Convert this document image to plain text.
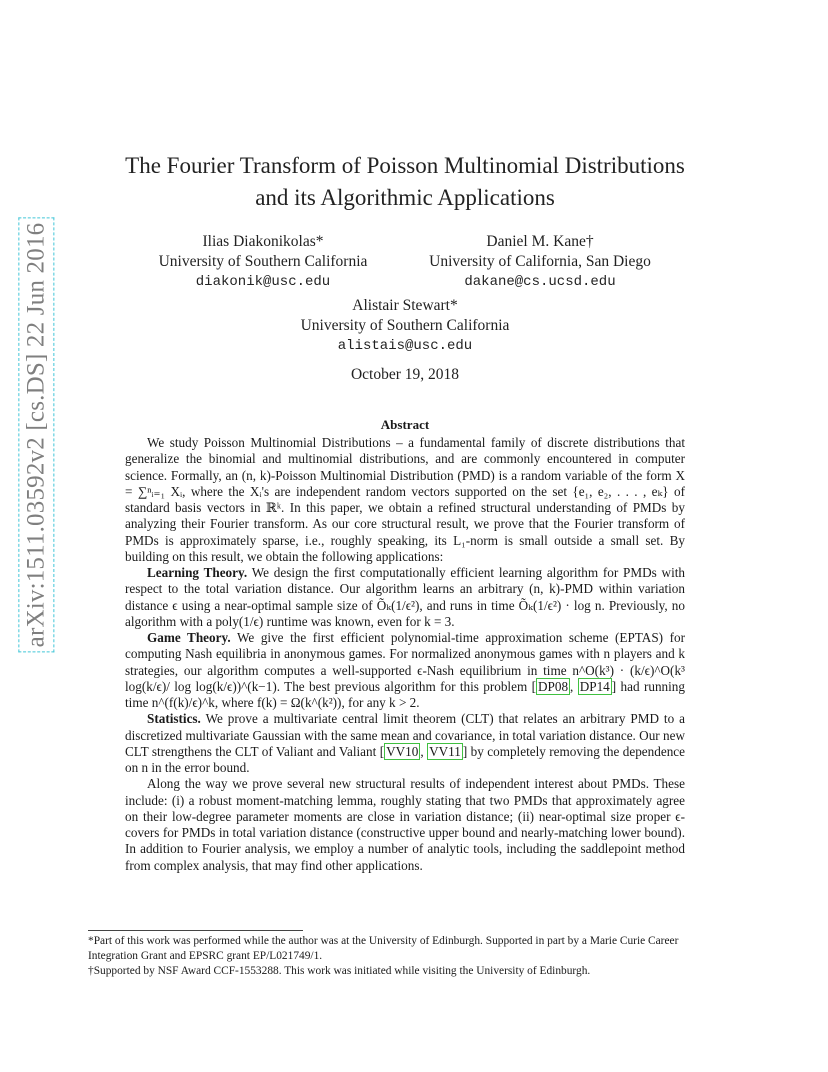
arXiv:1511.03592v2 [cs.DS] 22 Jun 2016
The Fourier Transform of Poisson Multinomial Distributions
and its Algorithmic Applications
Ilias Diakonikolas*
University of Southern California
diakonik@usc.edu
Daniel M. Kane†
University of California, San Diego
dakane@cs.ucsd.edu
Alistair Stewart*
University of Southern California
alistais@usc.edu
October 19, 2018
Abstract

We study Poisson Multinomial Distributions – a fundamental family of discrete distributions that generalize the binomial and multinomial distributions, and are commonly encountered in computer science. Formally, an (n, k)-Poisson Multinomial Distribution (PMD) is a random variable of the form X = ∑ⁿᵢ₌₁ Xᵢ, where the Xᵢ's are independent random vectors supported on the set {e₁, e₂, . . . , eₖ} of standard basis vectors in ℝᵏ. In this paper, we obtain a refined structural understanding of PMDs by analyzing their Fourier transform. As our core structural result, we prove that the Fourier transform of PMDs is approximately sparse, i.e., roughly speaking, its L₁-norm is small outside a small set. By building on this result, we obtain the following applications:

Learning Theory. We design the first computationally efficient learning algorithm for PMDs with respect to the total variation distance. Our algorithm learns an arbitrary (n, k)-PMD within variation distance ϵ using a near-optimal sample size of Õₖ(1/ϵ²), and runs in time Õₖ(1/ϵ²) · log n. Previously, no algorithm with a poly(1/ϵ) runtime was known, even for k = 3.

Game Theory. We give the first efficient polynomial-time approximation scheme (EPTAS) for computing Nash equilibria in anonymous games. For normalized anonymous games with n players and k strategies, our algorithm computes a well-supported ϵ-Nash equilibrium in time n^O(k³) · (k/ϵ)^O(k³ log(k/ϵ)/ log log(k/ϵ))^(k−1). The best previous algorithm for this problem [ DP08 , DP14 ] had running time n^(f(k)/ϵ)^k, where f(k) = Ω(k^(k²)), for any k > 2.

Statistics. We prove a multivariate central limit theorem (CLT) that relates an arbitrary PMD to a discretized multivariate Gaussian with the same mean and covariance, in total variation distance. Our new CLT strengthens the CLT of Valiant and Valiant [ VV10 , VV11 ] by completely removing the dependence on n in the error bound.

Along the way we prove several new structural results of independent interest about PMDs. These include: (i) a robust moment-matching lemma, roughly stating that two PMDs that approximately agree on their low-degree parameter moments are close in variation distance; (ii) near-optimal size proper ϵ-covers for PMDs in total variation distance (constructive upper bound and nearly-matching lower bound). In addition to Fourier analysis, we employ a number of analytic tools, including the saddlepoint method from complex analysis, that may find other applications.

*Part of this work was performed while the author was at the University of Edinburgh. Supported in part by a Marie Curie Career Integration Grant and EPSRC grant EP/L021749/1.

†Supported by NSF Award CCF-1553288. This work was initiated while visiting the University of Edinburgh.
